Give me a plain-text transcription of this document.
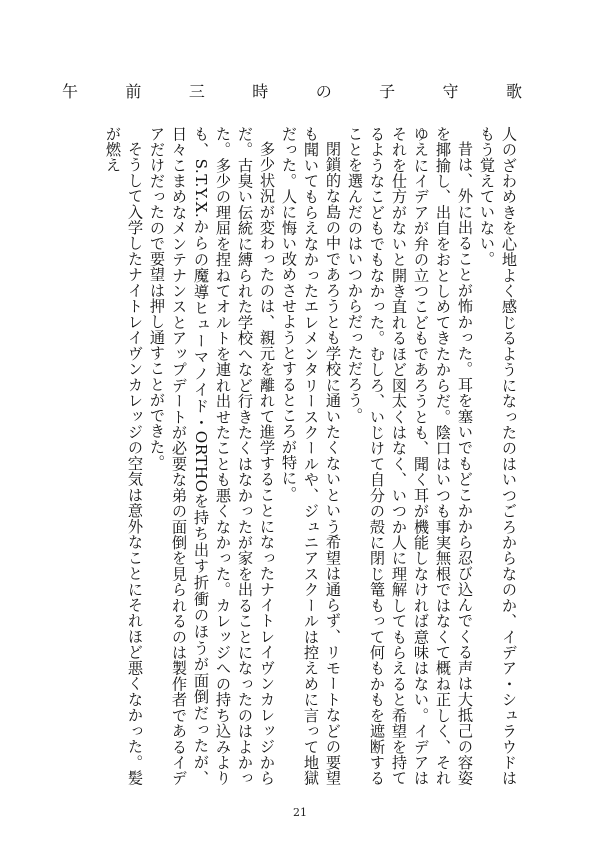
午	前	三	時	の	子	守	歌

人のざわめきを心地よく感じるようになったのはいつごろからなのか、イデア・シュラウドはもう覚えていない。

昔は、外に出ることが怖かった。耳を塞いでもどこかから忍び込んでくる声は大抵己の容姿を揶揄し、出自をおとしめてきたからだ。陰口はいつも事実無根ではなくて概ね正しく、それゆえにイデアが弁の立つこどもであろうとも、聞く耳が機能しなければ意味はない。イデアはそれを仕方がないと開き直れるほど図太くはなく、いつか人に理解してもらえると希望を持てるようなこどもでもなかった。むしろ、いじけて自分の殻に閉じ篭もって何もかもを遮断することを選んだのはいつからだっただろう。

閉鎖的な島の中であろうとも学校に通いたくないという希望は通らず、リモートなどの要望も聞いてもらえなかったエレメンタリースクールや、ジュニアスクールは控えめに言って地獄だった。人に悔い改めさせようとするところが特に。

多少状況が変わったのは、親元を離れて進学することになったナイトレイヴンカレッジからだ。古臭い伝統に縛られた学校へなど行きたくはなかったが家を出ることになったのはよかった。多少の理屈を捏ねてオルトを連れ出せたことも悪くなかった。カレッジへの持ち込みよりも、S.T.Y.X.からの魔導ヒューマノイド・ORTHOを持ち出す折衝のほうが面倒だったが、日々こまめなメンテナンスとアップデートが必要な弟の面倒を見られるのは製作者であるイデアだけだったので要望は押し通すことができた。

そうして入学したナイトレイヴンカレッジの空気は意外なことにそれほど悪くなかった。髪が燃え

21
